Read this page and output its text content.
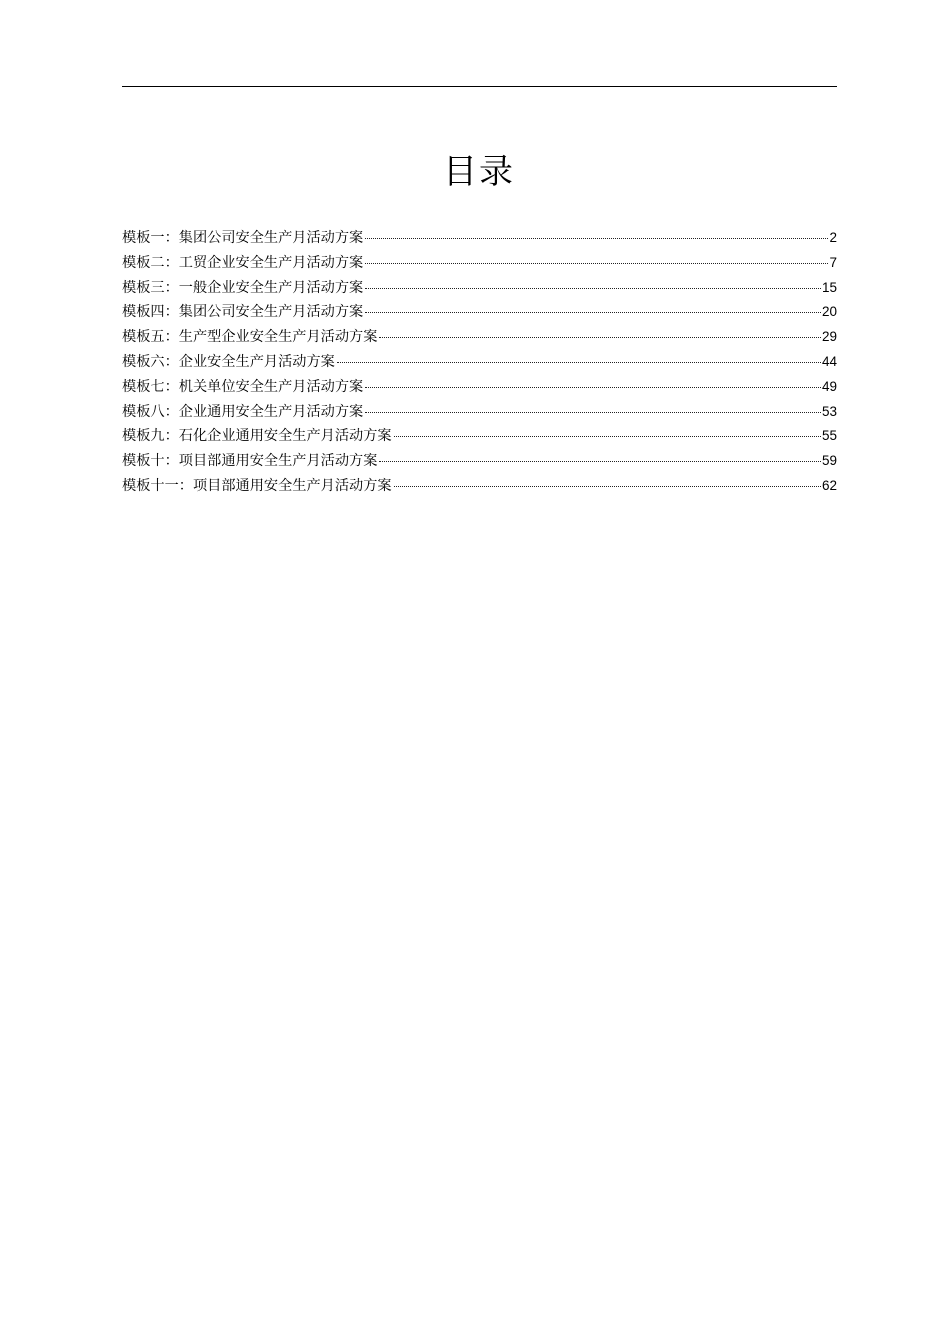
目录
模板一：集团公司安全生产月活动方案	2
模板二：工贸企业安全生产月活动方案	7
模板三：一般企业安全生产月活动方案	15
模板四：集团公司安全生产月活动方案	20
模板五：生产型企业安全生产月活动方案	29
模板六：企业安全生产月活动方案	44
模板七：机关单位安全生产月活动方案	49
模板八：企业通用安全生产月活动方案	53
模板九：石化企业通用安全生产月活动方案	55
模板十：项目部通用安全生产月活动方案	59
模板十一：项目部通用安全生产月活动方案	62
